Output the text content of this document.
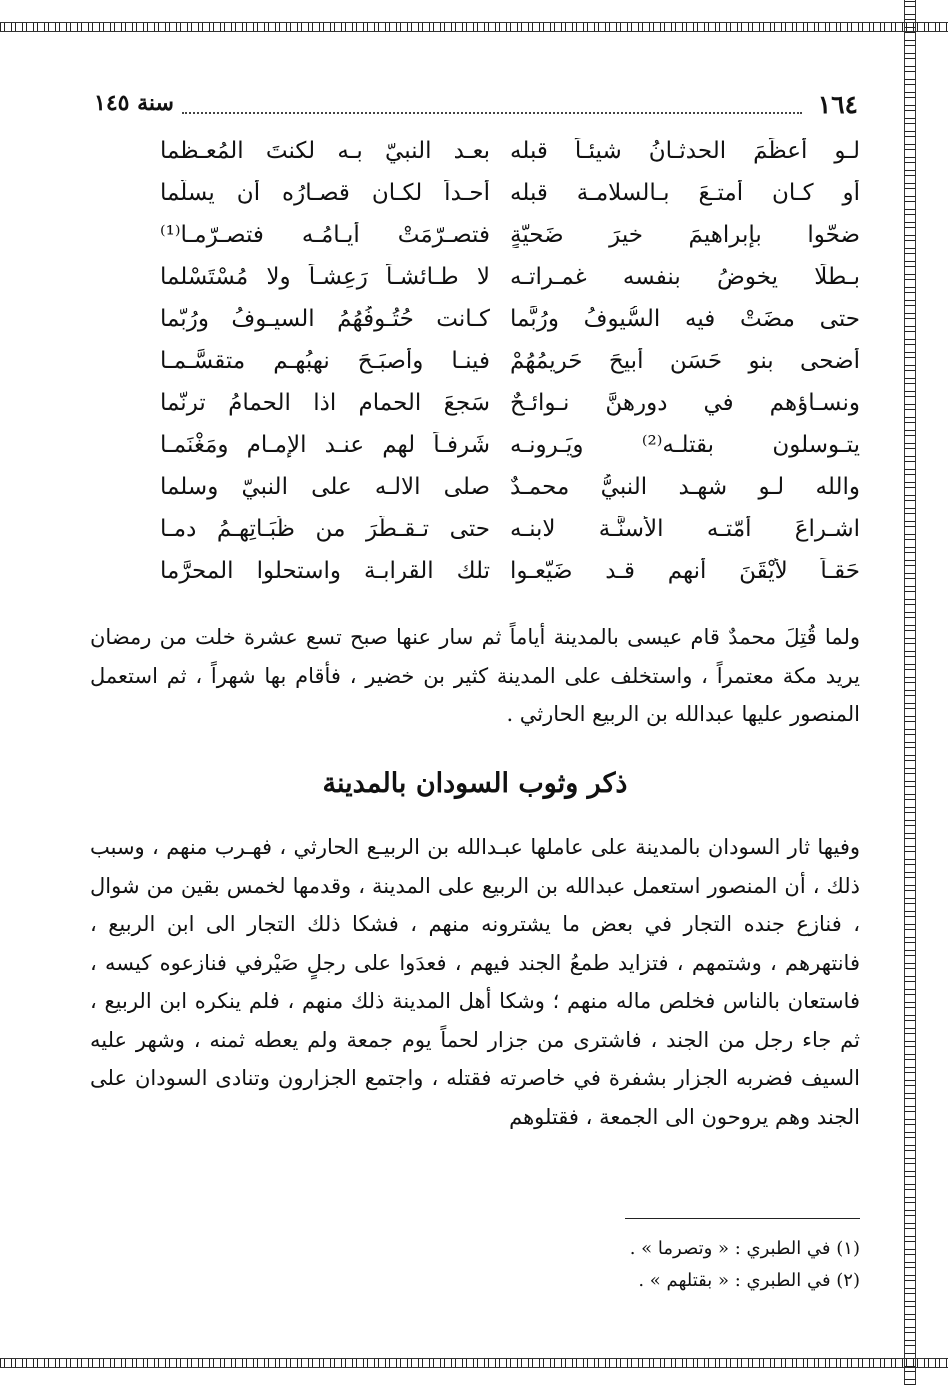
١٦٤
سنة ١٤٥
لـو أعظَمَ الحدثـانُ شيئـاً قبله
بعـد النبيّ بـه لكنتَ المُعـظما
أو كـان أمتـعَ بـالسلامـة قبله
أحـداً لكـان قصـارُه أن يسلَّما
ضحّوا بإبراهيمَ خيرَ ضَحيّةٍ
فتصـرّمَتْ أيـامُـه فتصـرّمـا⁽¹⁾
بـطلًا يخوضُ بنفسه غمـراتـه
لا طـائشـاً رَعِشـاً ولا مُسْتَسْلما
حتى مضَتْ فيه السُّيوفُ ورُبَّما
كـانت حُتُـوفُهُمُ السيـوفُ ورُبّما
أضحى بنو حَسَن أبيحَ حَريمُهُمْ
فينـا وأصبَـحَ نهبُهـم متقسَّـمـا
ونسـاؤهم في دورهنَّ نـوائـحٌ
سَجعَ الحمامِ اذا الحمامُ ترنّما
يتـوسلون بقتلـه⁽²⁾ ويَـرونـه
شَرفـاً لهم عنـد الإمـام ومَغْنَمـا
والله لـو شهـد النبيُّ محمـدٌ
صلى الالـه على النبيّ وسلما
اشـراعَ أمّتـه الأسنَّـة لابنـه
حتى تـقـطَّرَ من ظُبَـاتِهِـمُ دمـا
حَقـاً لأيْقَنَ أنهم قـد ضَيّعـوا
تلك القرابـة واستحلوا المحرَّما

ولما قُتِلَ محمدٌ قام عيسى بالمدينة أياماً ثم سار عنها صبح تسع عشرة خلت من رمضان يريد مكة معتمراً ، واستخلف على المدينة كثير بن خضير ، فأقام بها شهراً ، ثم استعمل المنصور عليها عبدالله بن الربيع الحارثي .

ذكر وثوب السودان بالمدينة

وفيها ثار السودان بالمدينة على عاملها عبـدالله بن الربيـع الحارثي ، فهـرب منهم ، وسبب ذلك ، أن المنصور استعمل عبدالله بن الربيع على المدينة ، وقدمها لخمس بقين من شوال ، فنازع جنده التجار في بعض ما يشترونه منهم ، فشكا ذلك التجار الى ابن الربيع ، فانتهرهم ، وشتمهم ، فتزايد طمعُ الجند فيهم ، فعدَوا على رجلٍ صَيْرفي فنازعوه كيسه ، فاستعان بالناس فخلص ماله منهم ؛ وشكا أهل المدينة ذلك منهم ، فلم ينكره ابن الربيع ، ثم جاء رجل من الجند ، فاشترى من جزار لحماً يوم جمعة ولم يعطه ثمنه ، وشهر عليه السيف فضربه الجزار بشفرة في خاصرته فقتله ، واجتمع الجزارون وتنادى السودان على الجند وهم يروحون الى الجمعة ، فقتلوهم

(١) في الطبري : « وتصرما » .
(٢) في الطبري : « بقتلهم » .
